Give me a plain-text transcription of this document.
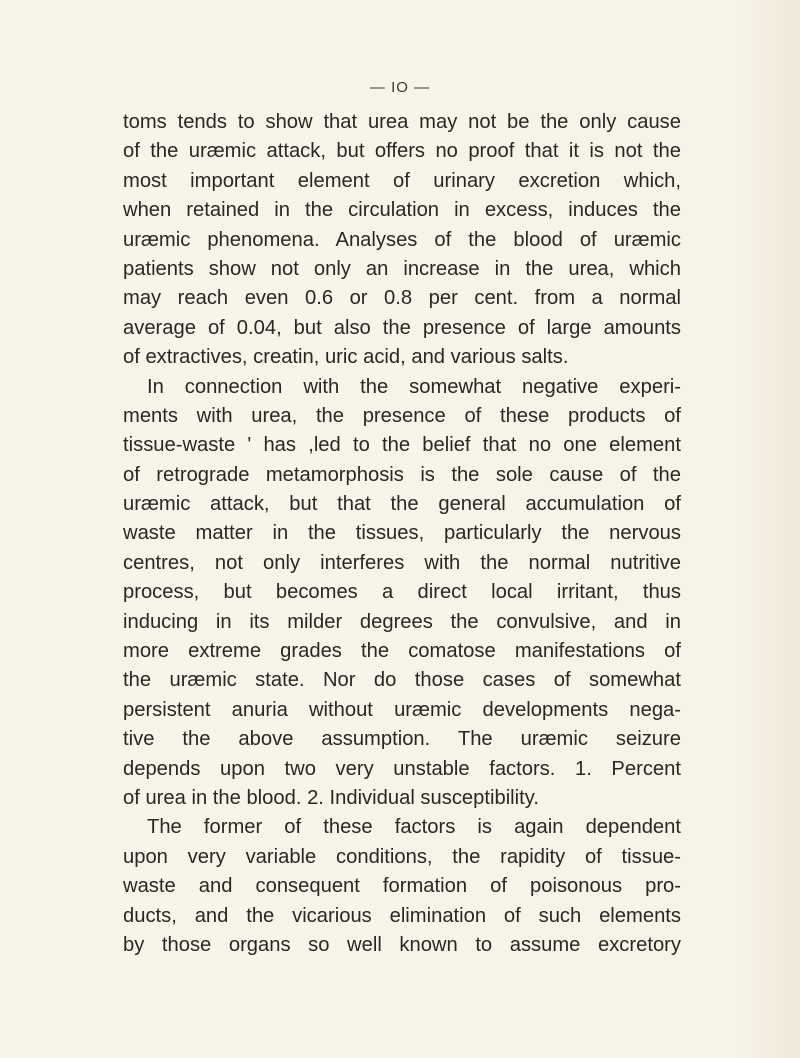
— IO —
toms tends to show that urea may not be the only cause
of the uræmic attack, but offers no proof that it is not the
most important element of urinary excretion which,
when retained in the circulation in excess, induces the
uræmic phenomena. Analyses of the blood of uræmic
patients show not only an increase in the urea, which
may reach even 0.6 or 0.8 per cent. from a normal
average of 0.04, but also the presence of large amounts
of extractives, creatin, uric acid, and various salts.
In connection with the somewhat negative experi-
ments with urea, the presence of these products of
tissue-waste ' has ,led to the belief that no one element
of retrograde metamorphosis is the sole cause of the
uræmic attack, but that the general accumulation of
waste matter in the tissues, particularly the nervous
centres, not only interferes with the normal nutritive
process, but becomes a direct local irritant, thus
inducing in its milder degrees the convulsive, and in
more extreme grades the comatose manifestations of
the uræmic state. Nor do those cases of somewhat
persistent anuria without uræmic developments nega-
tive the above assumption. The uræmic seizure
depends upon two very unstable factors. 1. Percent
of urea in the blood. 2. Individual susceptibility.
The former of these factors is again dependent
upon very variable conditions, the rapidity of tissue-
waste and consequent formation of poisonous pro-
ducts, and the vicarious elimination of such elements
by those organs so well known to assume excretory
